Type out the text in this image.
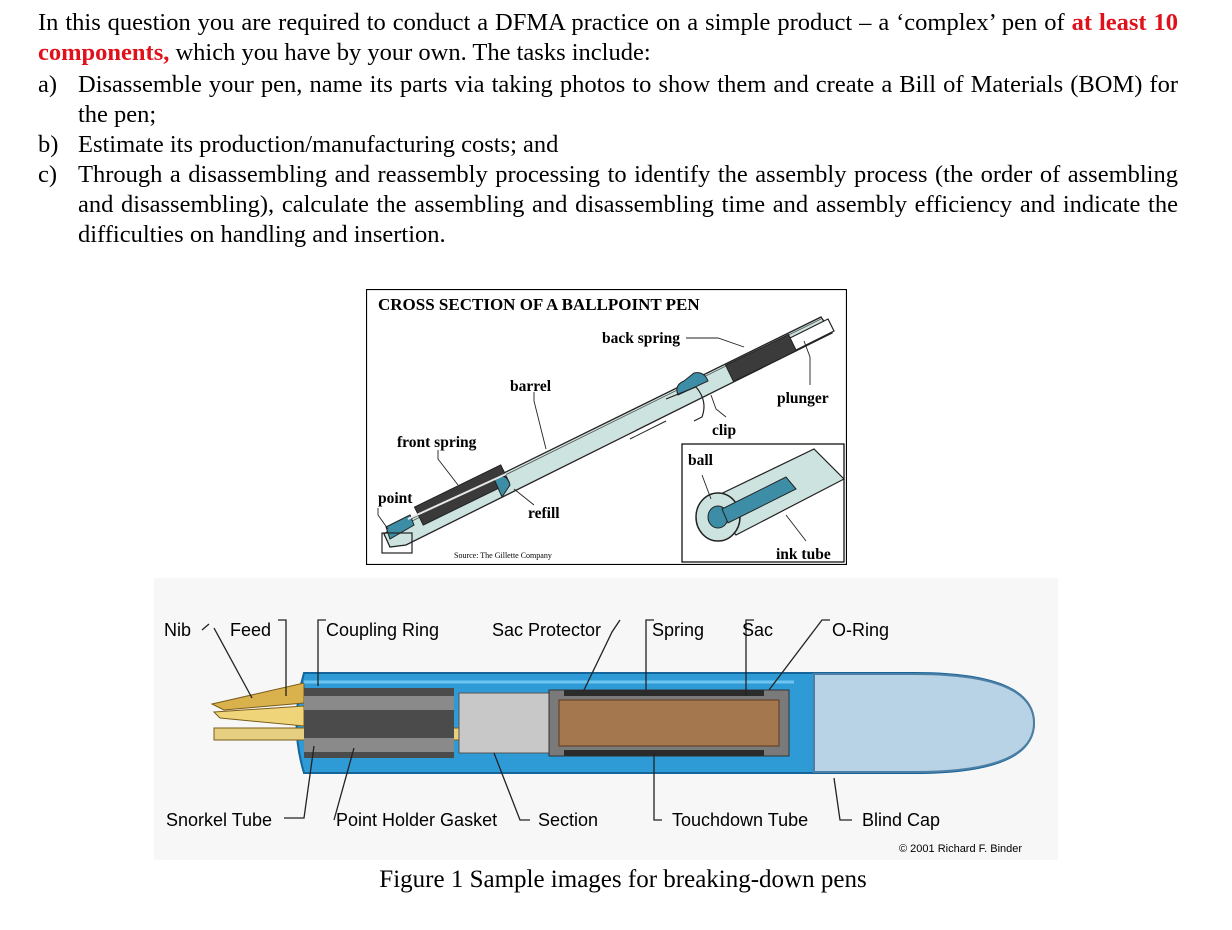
In this question you are required to conduct a DFMA practice on a simple product – a ‘complex’ pen of at least 10 components, which you have by your own. The tasks include:
a) Disassemble your pen, name its parts via taking photos to show them and create a Bill of Materials (BOM) for the pen;
b) Estimate its production/manufacturing costs; and
c) Through a disassembling and reassembly processing to identify the assembly process (the order of assembling and disassembling), calculate the assembling and disassembling time and assembly efficiency and indicate the difficulties on handling and insertion.
CROSS SECTION OF A BALLPOINT PEN
back spring
barrel
plunger
clip
front spring
point
refill
Source: The Gillette Company
ball
ink tube
Nib Feed	Coupling Ring	Sac Protector	Spring Sac	O-Ring
Snorkel Tube	Point Holder Gasket Section	Touchdown Tube	Blind Cap
© 2001 Richard F. Binder
Figure 1 Sample images for breaking-down pens
